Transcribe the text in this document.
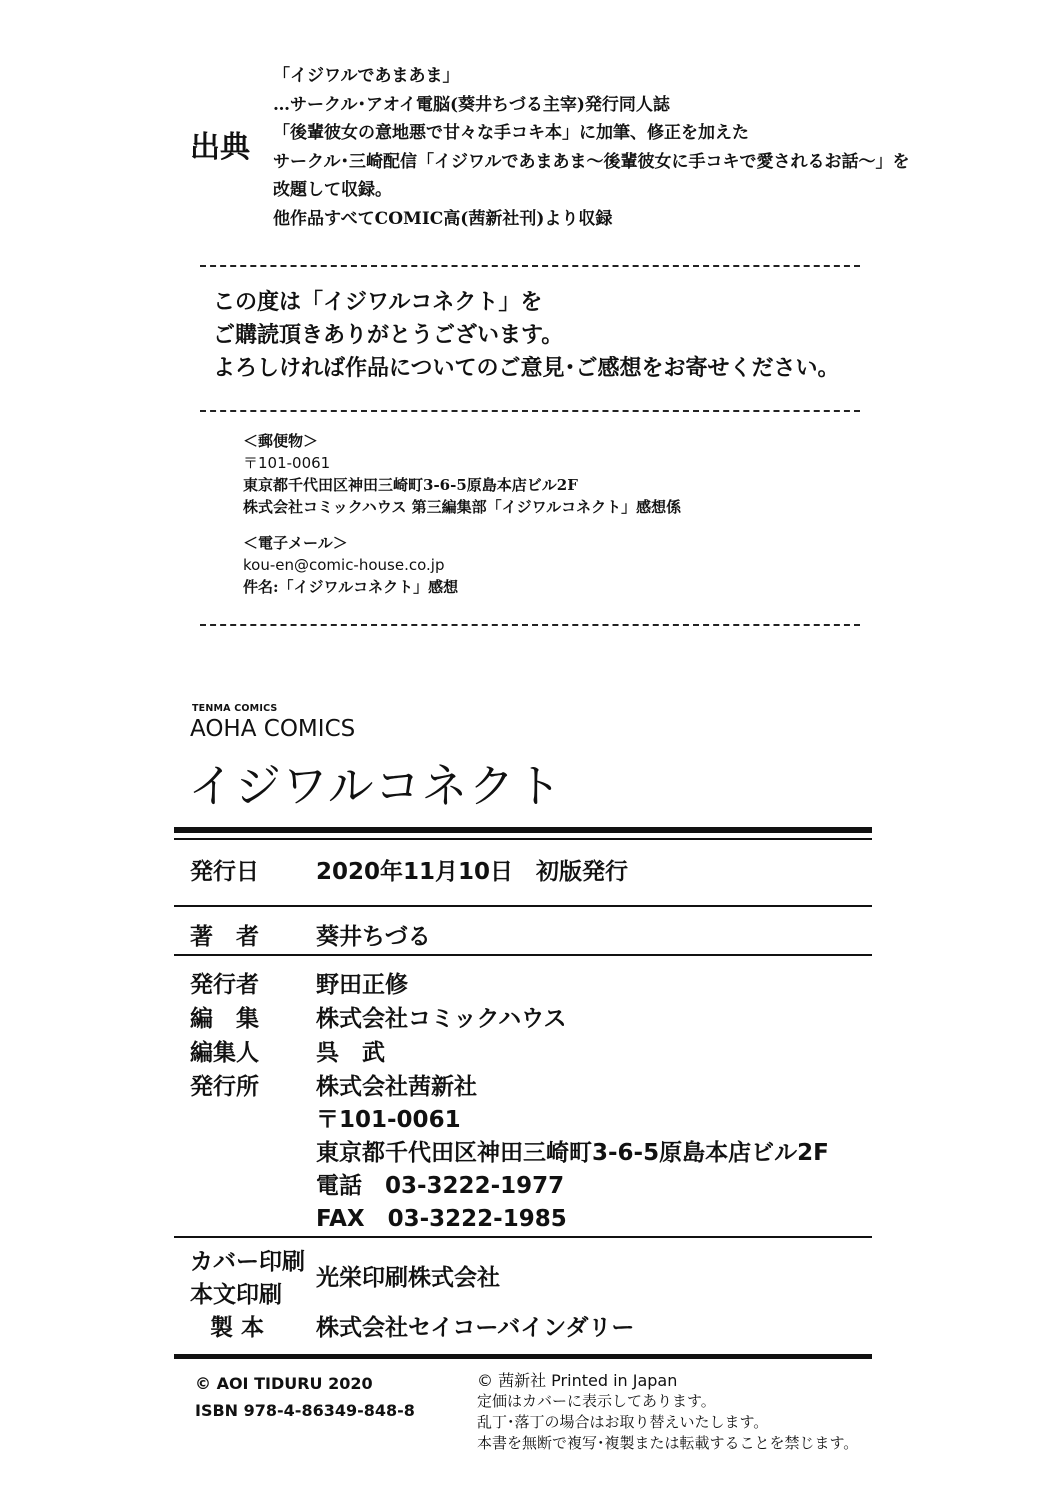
出典
「イジワルであまあま」
…サークル･アオイ電脳(葵井ちづる主宰)発行同人誌
「後輩彼女の意地悪で甘々な手コキ本」に加筆、修正を加えた
サークル･三崎配信「イジワルであまあま～後輩彼女に手コキで愛されるお話～」を
改題して収録。
他作品すべてCOMIC高(茜新社刊)より収録
この度は「イジワルコネクト」を
ご購読頂きありがとうございます。
よろしければ作品についてのご意見･ご感想をお寄せください。
＜郵便物＞
〒101-0061
東京都千代田区神田三崎町3-6-5原島本店ビル2F
株式会社コミックハウス 第三編集部「イジワルコネクト」感想係
＜電子メール＞
kou-en@comic-house.co.jp
件名:「イジワルコネクト」感想
TENMA COMICS
AOHA COMICS
イジワルコネクト
発行日 2020年11月10日　初版発行
著　者 葵井ちづる
発行者 野田正修
編　集 株式会社コミックハウス
編集人 呉　武
発行所 株式会社茜新社
〒101-0061
東京都千代田区神田三崎町3-6-5原島本店ビル2F
電話　03-3222-1977
FAX　03-3222-1985
カバー印刷
本文印刷
光栄印刷株式会社
製 本 株式会社セイコーバインダリー
© AOI TIDURU 2020
ISBN 978-4-86349-848-8
© 茜新社 Printed in Japan
定価はカバーに表示してあります。
乱丁･落丁の場合はお取り替えいたします。
本書を無断で複写･複製または転載することを禁じます。
